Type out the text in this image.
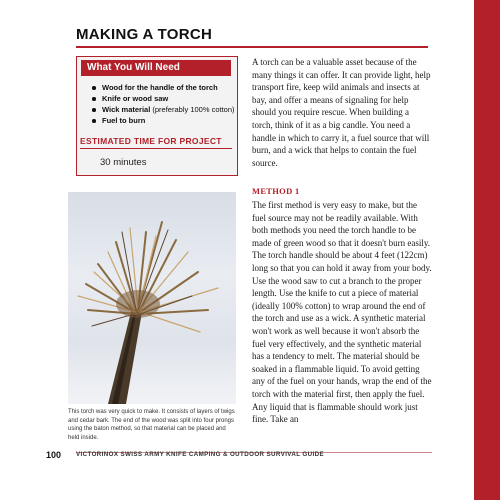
MAKING A TORCH
What You Will Need
Wood for the handle of the torch
Knife or wood saw
Wick material (preferably 100% cotton)
Fuel to burn
ESTIMATED TIME FOR PROJECT
30 minutes
This torch was very quick to make. It consists of layers of twigs and cedar bark. The end of the wood was split into four prongs using the baton method, so that material can be placed and held inside.

A torch can be a valuable asset because of the many things it can offer. It can provide light, help transport fire, keep wild animals and insects at bay, and offer a means of signaling for help should you require rescue. When building a torch, think of it as a big candle. You need a handle in which to carry it, a fuel source that will burn, and a wick that helps to contain the fuel source.

METHOD 1

The first method is very easy to make, but the fuel source may not be readily available. With both methods you need the torch handle to be made of green wood so that it doesn't burn easily. The torch handle should be about 4 feet (122cm) long so that you can hold it away from your body. Use the wood saw to cut a branch to the proper length. Use the knife to cut a piece of material (ideally 100% cotton) to wrap around the end of the torch and use as a wick. A synthetic material won't work as well because it won't absorb the fuel very effectively, and the synthetic material has a tendency to melt. The material should be soaked in a flammable liquid. To avoid getting any of the fuel on your hands, wrap the end of the torch with the material first, then apply the fuel. Any liquid that is flammable should work just fine. Take an

100 VICTORINOX SWISS ARMY KNIFE CAMPING & OUTDOOR SURVIVAL GUIDE
